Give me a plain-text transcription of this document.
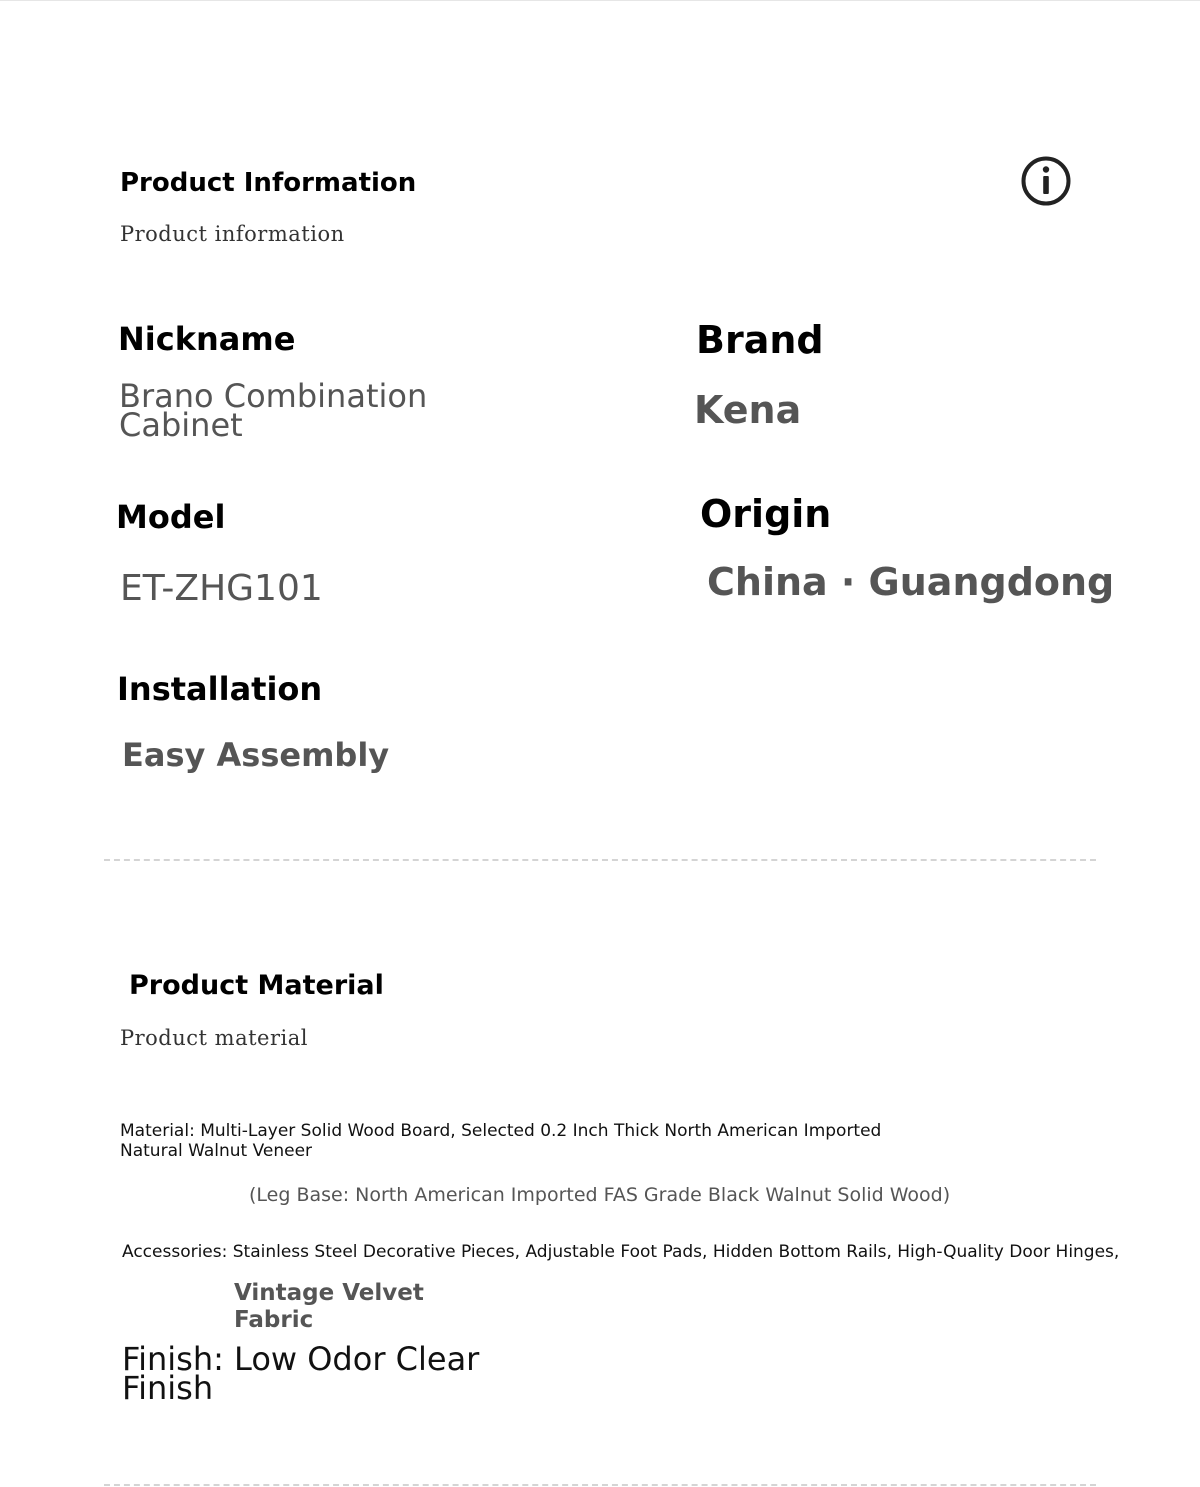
Product Information
Product information
Nickname
Brano Combination
Cabinet
Brand
Kena
Model
ET-ZHG101
Origin
China · Guangdong
Installation
Easy Assembly
Product Material
Product material
Material: Multi-Layer Solid Wood Board, Selected 0.2 Inch Thick North American Imported
Natural Walnut Veneer
(Leg Base: North American Imported FAS Grade Black Walnut Solid Wood)
Accessories: Stainless Steel Decorative Pieces, Adjustable Foot Pads, Hidden Bottom Rails, High-Quality Door Hinges,
Vintage Velvet
Fabric
Finish: Low Odor Clear
Finish
